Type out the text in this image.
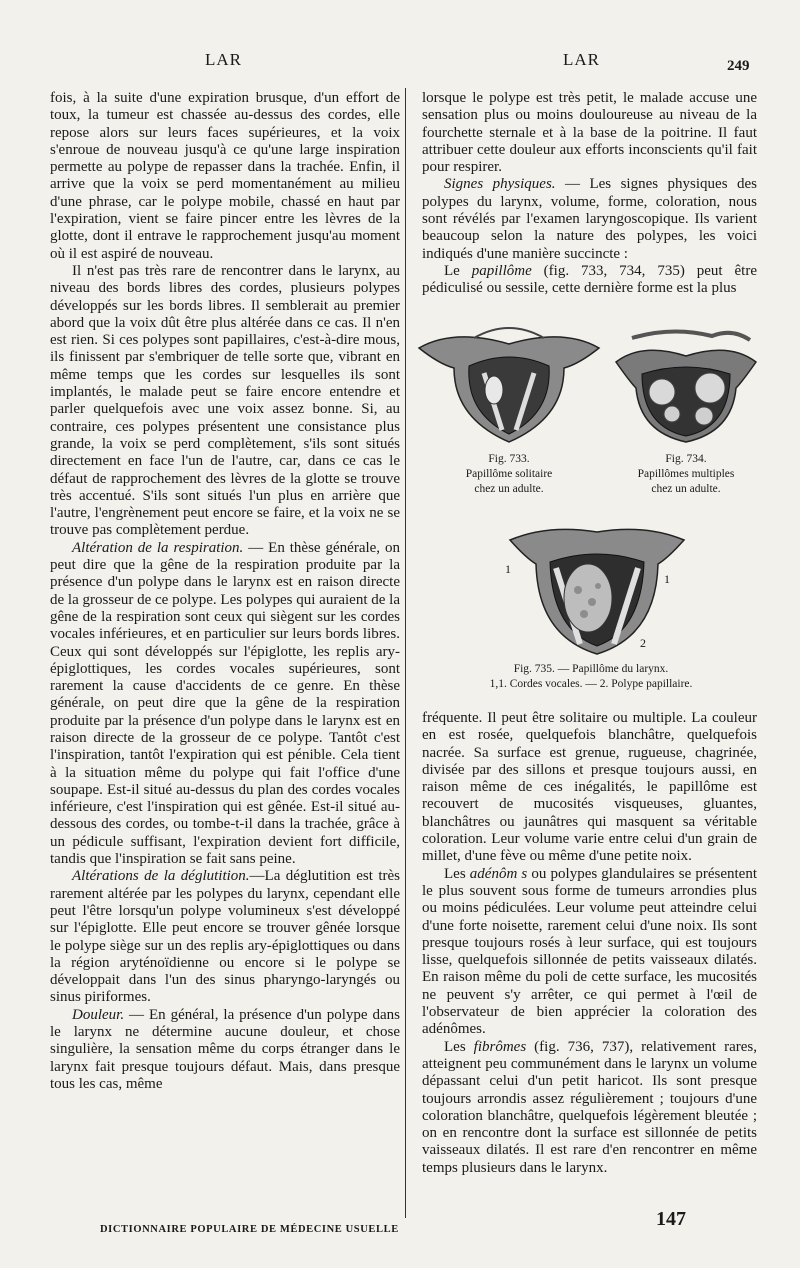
LAR	LAR	249

fois, à la suite d'une expiration brusque, d'un effort de toux, la tumeur est chassée au-dessus des cordes, elle repose alors sur leurs faces supérieures, et la voix s'enroue de nouveau jusqu'à ce qu'une large inspiration permette au polype de repasser dans la trachée. Enfin, il arrive que la voix se perd momentanément au milieu d'une phrase, car le polype mobile, chassé en haut par l'expiration, vient se faire pincer entre les lèvres de la glotte, dont il entrave le rapprochement jusqu'au moment où il est aspiré de nouveau.

Il n'est pas très rare de rencontrer dans le larynx, au niveau des bords libres des cordes, plusieurs polypes développés sur les bords libres. Il semblerait au premier abord que la voix dût être plus altérée dans ce cas. Il n'en est rien. Si ces polypes sont papillaires, c'est-à-dire mous, ils finissent par s'embriquer de telle sorte que, vibrant en même temps que les cordes sur lesquelles ils sont implantés, le malade peut se faire encore entendre et parler quelquefois avec une voix assez bonne. Si, au contraire, ces polypes présentent une consistance plus grande, la voix se perd complètement, s'ils sont situés directement en face l'un de l'autre, car, dans ce cas le défaut de rapprochement des lèvres de la glotte se trouve très accentué. S'ils sont situés l'un plus en arrière que l'autre, l'engrènement peut encore se faire, et la voix ne se trouve pas complètement perdue.

Altération de la respiration. — En thèse générale, on peut dire que la gêne de la respiration produite par la présence d'un polype dans le larynx est en raison directe de la grosseur de ce polype. Les polypes qui auraient de la gêne de la respiration sont ceux qui siègent sur les cordes vocales inférieures, et en particulier sur leurs bords libres. Ceux qui sont développés sur l'épiglotte, les replis ary-épiglottiques, les cordes vocales supérieures, sont rarement la cause d'accidents de ce genre. En thèse générale, on peut dire que la gêne de la respiration produite par la présence d'un polype dans le larynx est en raison directe de la grosseur de ce polype. Tantôt c'est l'inspiration, tantôt l'expiration qui est pénible. Cela tient à la situation même du polype qui fait l'office d'une soupape. Est-il situé au-dessus du plan des cordes vocales inférieure, c'est l'inspiration qui est gênée. Est-il situé au-dessous des cordes, ou tombe-t-il dans la trachée, grâce à un pédicule suffisant, l'expiration devient fort difficile, tandis que l'inspiration se fait sans peine.

Altérations de la déglutition.—La déglutition est très rarement altérée par les polypes du larynx, cependant elle peut l'être lorsqu'un polype volumineux s'est développé sur l'épiglotte. Elle peut encore se trouver gênée lorsque le polype siège sur un des replis ary-épiglottiques ou dans la région aryténoïdienne ou encore si le polype se développait dans l'un des sinus pharyngo-laryngés ou sinus piriformes.

Douleur. — En général, la présence d'un polype dans le larynx ne détermine aucune douleur, et chose singulière, la sensation même du corps étranger dans le larynx fait presque toujours défaut. Mais, dans presque tous les cas, même

lorsque le polype est très petit, le malade accuse une sensation plus ou moins douloureuse au niveau de la fourchette sternale et à la base de la poitrine. Il faut attribuer cette douleur aux efforts inconscients qu'il fait pour respirer.

Signes physiques. — Les signes physiques des polypes du larynx, volume, forme, coloration, nous sont révélés par l'examen laryngoscopique. Ils varient beaucoup selon la nature des polypes, les voici indiqués d'une manière succincte :

Le papillôme (fig. 733, 734, 735) peut être pédiculisé ou sessile, cette dernière forme est la plus

Fig. 733.
Papillôme solitaire
chez un adulte.
Fig. 734.
Papillômes multiples
chez un adulte.
1
1
2
Fig. 735. — Papillôme du larynx.
1,1. Cordes vocales. — 2. Polype papillaire.

fréquente. Il peut être solitaire ou multiple. La couleur en est rosée, quelquefois blanchâtre, quelquefois nacrée. Sa surface est grenue, rugueuse, chagrinée, divisée par des sillons et presque toujours aussi, en raison même de ces inégalités, le papillôme est recouvert de mucosités visqueuses, gluantes, blanchâtres ou jaunâtres qui masquent sa véritable coloration. Leur volume varie entre celui d'un grain de millet, d'une fève ou même d'une petite noix.

Les adénôm s ou polypes glandulaires se présentent le plus souvent sous forme de tumeurs arrondies plus ou moins pédiculées. Leur volume peut atteindre celui d'une forte noisette, rarement celui d'une noix. Ils sont presque toujours rosés à leur surface, qui est toujours lisse, quelquefois sillonnée de petits vaisseaux dilatés. En raison même du poli de cette surface, les mucosités ne peuvent s'y arrêter, ce qui permet à l'œil de l'observateur de bien apprécier la coloration des adénômes.

Les fibrômes (fig. 736, 737), relativement rares, atteignent peu communément dans le larynx un volume dépassant celui d'un petit haricot. Ils sont presque toujours arrondis assez régulièrement ; toujours d'une coloration blanchâtre, quelquefois légèrement bleutée ; on en rencontre dont la surface est sillonnée de petits vaisseaux dilatés. Il est rare d'en rencontrer en même temps plusieurs dans le larynx.

DICTIONNAIRE POPULAIRE DE MÉDECINE USUELLE	147
